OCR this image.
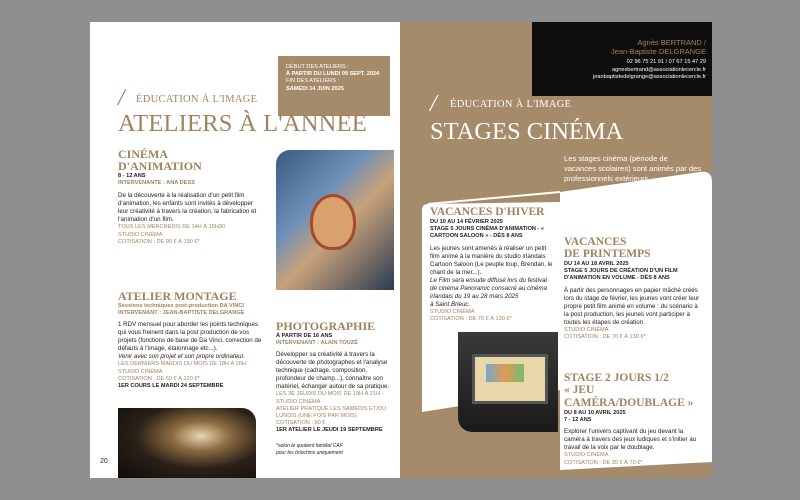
DÉBUT DES ATELIERS :
À PARTIR DU LUNDI 09 SEPT. 2024
FIN DES ATELIERS :
SAMEDI 14 JUIN 2025
/ ÉDUCATION À L'IMAGE
ATELIERS À L'ANNÉE
CINÉMA
D'ANIMATION
8 - 12 ANS
INTERVENANTE : ANA DESS
De la découverte à la réalisation d'un petit film d'animation, les enfants sont invités à développer leur créativité à travers la création, la fabrication et l'animation d'un film.
TOUS LES MERCREDIS DE 14H À 15H30
STUDIO CINÉMA
COTISATION : DE 90 € À 190 €*
ATELIER MONTAGE
Sessions techniques post-production DA VINCI
INTERVENANT : JEAN-BAPTISTE DELGRANGE
1 RDV mensuel pour aborder les points techniques qui vous freinent dans la post production de vos projets (fonctions de base de Da Vinci, correction de défauts à l'image, étalonnage etc...).
Venir avec son projet et son propre ordinateur.
LES DERNIERS MARDIS DU MOIS DE 18H À 20H
STUDIO CINÉMA
COTISATION : DE 60 € À 120 €*
1ER COURS LE MARDI 24 SEPTEMBRE
PHOTOGRAPHIE
À PARTIR DE 16 ANS
INTERVENANT : ALAIN TOUZÉ
Développer sa créativité à travers la découverte de photographes et l'analyse technique (cadrage, composition, profondeur de champ...), connaître son matériel, échanger autour de sa pratique.
LES 3E JEUDIS DU MOIS DE 19H À 21H - STUDIO CINÉMA
ATELIER PRATIQUE LES SAMEDIS ET/OU LUNDIS (UNE FOIS PAR MOIS)
COTISATION : 90 €
1ER ATELIER LE JEUDI 19 SEPTEMBRE
*selon le quotient familial CAF
pour les briochins uniquement
20
Agnès BERTRAND /
Jean-Baptiste DELGRANGE
02 96 75 21 91 / 07 67 15 47 29
agnesbertrand@associationlecercle.fr
jeanbaptistedelgrange@associationlecercle.fr
/ ÉDUCATION À L'IMAGE
STAGES CINÉMA
Les stages cinéma (période de vacances scolaires) sont animés par des professionnels extérieurs.
VACANCES D'HIVER
DU 10 AU 14 FÉVRIER 2025
STAGE 5 JOURS CINÉMA D'ANIMATION - « CARTOON SALOON » - DÈS 8 ANS
Les jeunes sont amenés à réaliser un petit film animé à la manière du studio irlandais Cartoon Saloon (Le peuple loup, Brendan, le chant de la mer...).
Le Film sera ensuite diffusé lors du festival de cinéma Panoramic consacré au cinéma irlandais du 19 au 28 mars 2025
à Saint Brieuc.
STUDIO CINÉMA
COTISATION : DE 70 € À 130 €*
VACANCES
DE PRINTEMPS
DU 14 AU 18 AVRIL 2025
STAGE 5 JOURS DE CRÉATION D'UN FILM D'ANIMATION EN VOLUME - DÈS 8 ANS
À partir des personnages en papier mâché créés lors du stage de février, les jeunes vont créer leur propre petit film animé en volume : du scénario à la post production, les jeunes vont participer à toutes les étapes de création.
STUDIO CINÉMA
COTISATION : DE 70 € À 130 €*
STAGE 2 JOURS 1/2
« JEU CAMÉRA/DOUBLAGE »
DU 8 AU 10 AVRIL 2025
7 - 12 ANS
Explorer l'univers captivant du jeu devant la caméra à travers des jeux ludiques et s'initier au travail de la voix par le doublage.
STUDIO CINÉMA
COTISATION : DE 35 € À 70 €*
